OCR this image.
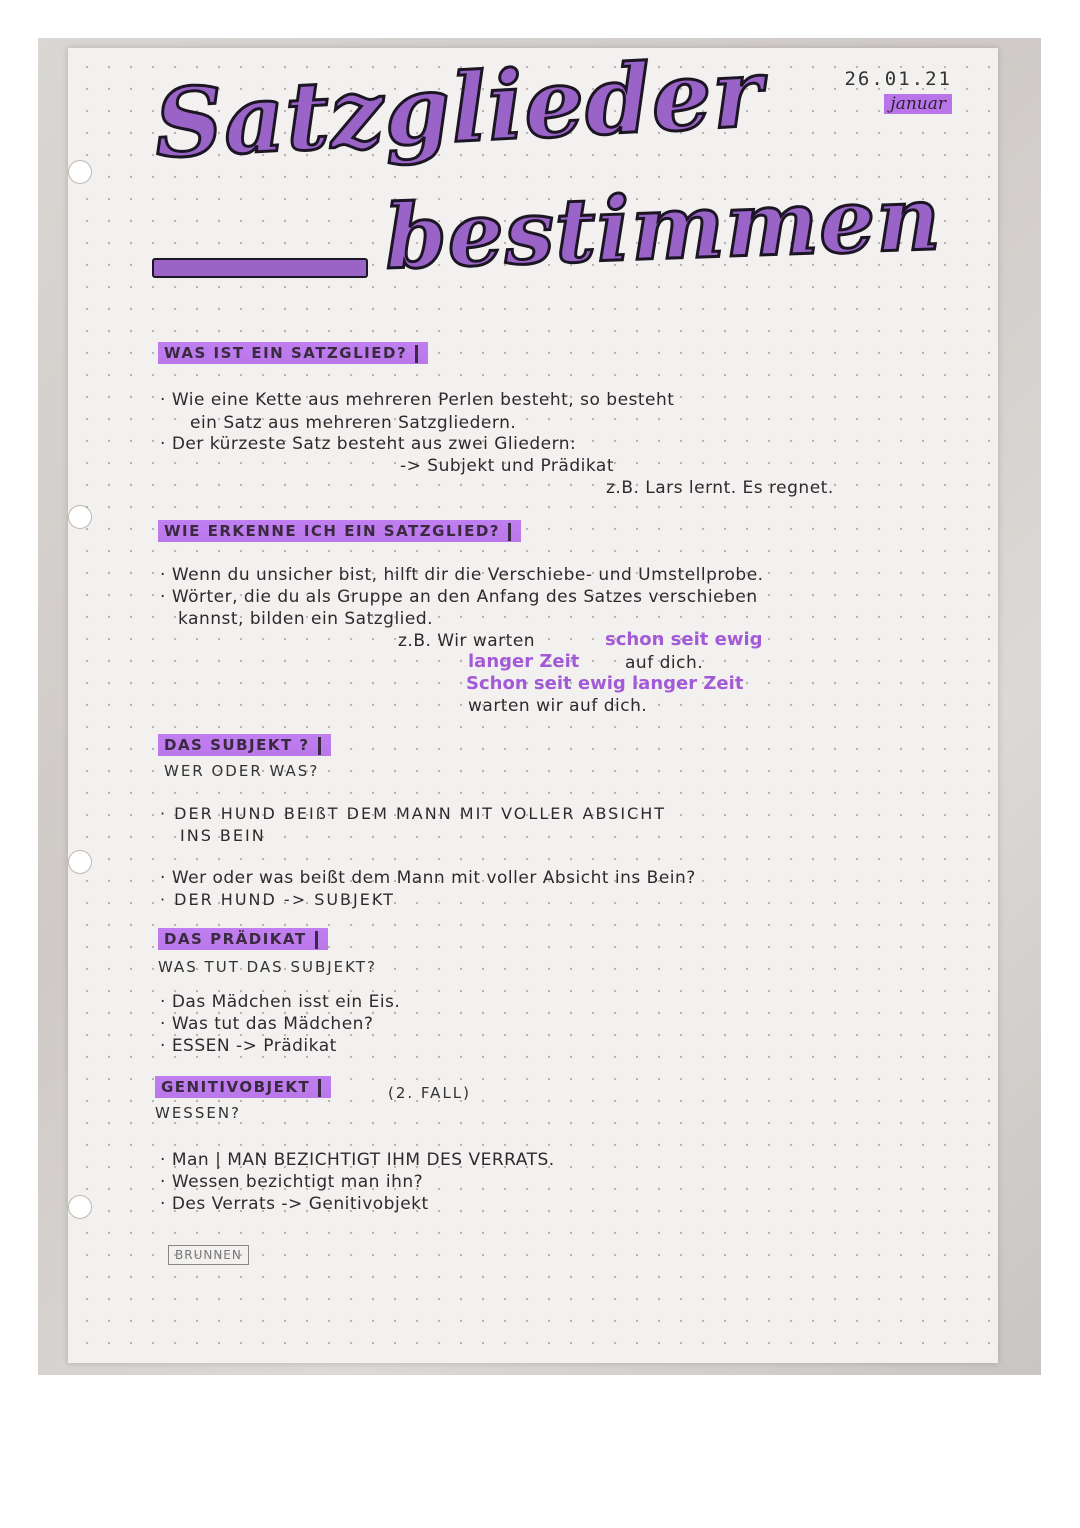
Satzglieder
bestimmen
26.01.21
januar
WAS IST EIN SATZGLIED?
· Wie eine Kette aus mehreren Perlen besteht, so besteht
ein Satz aus mehreren Satzgliedern.
· Der kürzeste Satz besteht aus zwei Gliedern:
-> Subjekt und Prädikat
z.B. Lars lernt. Es regnet.
WIE ERKENNE ICH EIN SATZGLIED?
· Wenn du unsicher bist, hilft dir die Verschiebe- und Umstellprobe.
· Wörter, die du als Gruppe an den Anfang des Satzes verschieben
kannst, bilden ein Satzglied.
z.B. Wir warten	schon seit ewig
langer Zeit	auf dich.
Schon seit ewig langer Zeit
warten wir auf dich.
DAS SUBJEKT ?
WER ODER WAS?
· DER HUND BEIßT DEM MANN MIT VOLLER ABSICHT
INS BEIN
· Wer oder was beißt dem Mann mit voller Absicht ins Bein?
· DER HUND -> SUBJEKT
DAS PRÄDIKAT
WAS TUT DAS SUBJEKT?
· Das Mädchen isst ein Eis.
· Was tut das Mädchen?
· ESSEN -> Prädikat
GENITIVOBJEKT	(2. FALL)
WESSEN?
· Man | MAN BEZICHTIGT IHM DES VERRATS.
· Wessen bezichtigt man ihn?
· Des Verrats -> Genitivobjekt
BRUNNEN
